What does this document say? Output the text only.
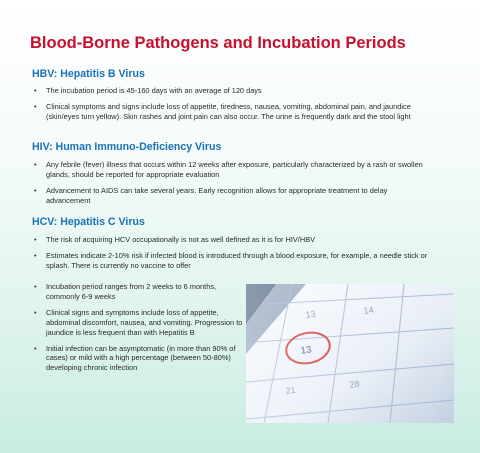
Blood-Borne Pathogens and Incubation Periods
HBV: Hepatitis B Virus
• The incubation period is 45-160 days with an average of 120 days
• Clinical symptoms and signs include loss of appetite, tiredness, nausea, vomiting, abdominal pain, and jaundice (skin/eyes turn yellow). Skin rashes and joint pain can also occur. The urine is frequently dark and the stool light
HIV: Human Immuno-Deficiency Virus
• Any febrile (fever) illness that occurs within 12 weeks after exposure, particularly characterized by a rash or swollen glands, should be reported for appropriate evaluation
• Advancement to AIDS can take several years. Early recognition allows for appropriate treatment to delay advancement
HCV: Hepatitis C Virus
• The risk of acquiring HCV occupationally is not as well defined as it is for HIV/HBV
• Estimates indicate 2-10% risk if infected blood is introduced through a blood exposure, for example, a needle stick or splash. There is currently no vaccine to offer
• Incubation period ranges from 2 weeks to 6 months, commonly 6-9 weeks
• Clinical signs and symptoms include loss of appetite, abdominal discomfort, nausea, and vomiting. Progression to jaundice is less frequent than with Hepatitis B
• Initial infection can be asymptomatic (in more than 90% of cases) or mild with a high percentage (between 50-80%) developing chronic infection
